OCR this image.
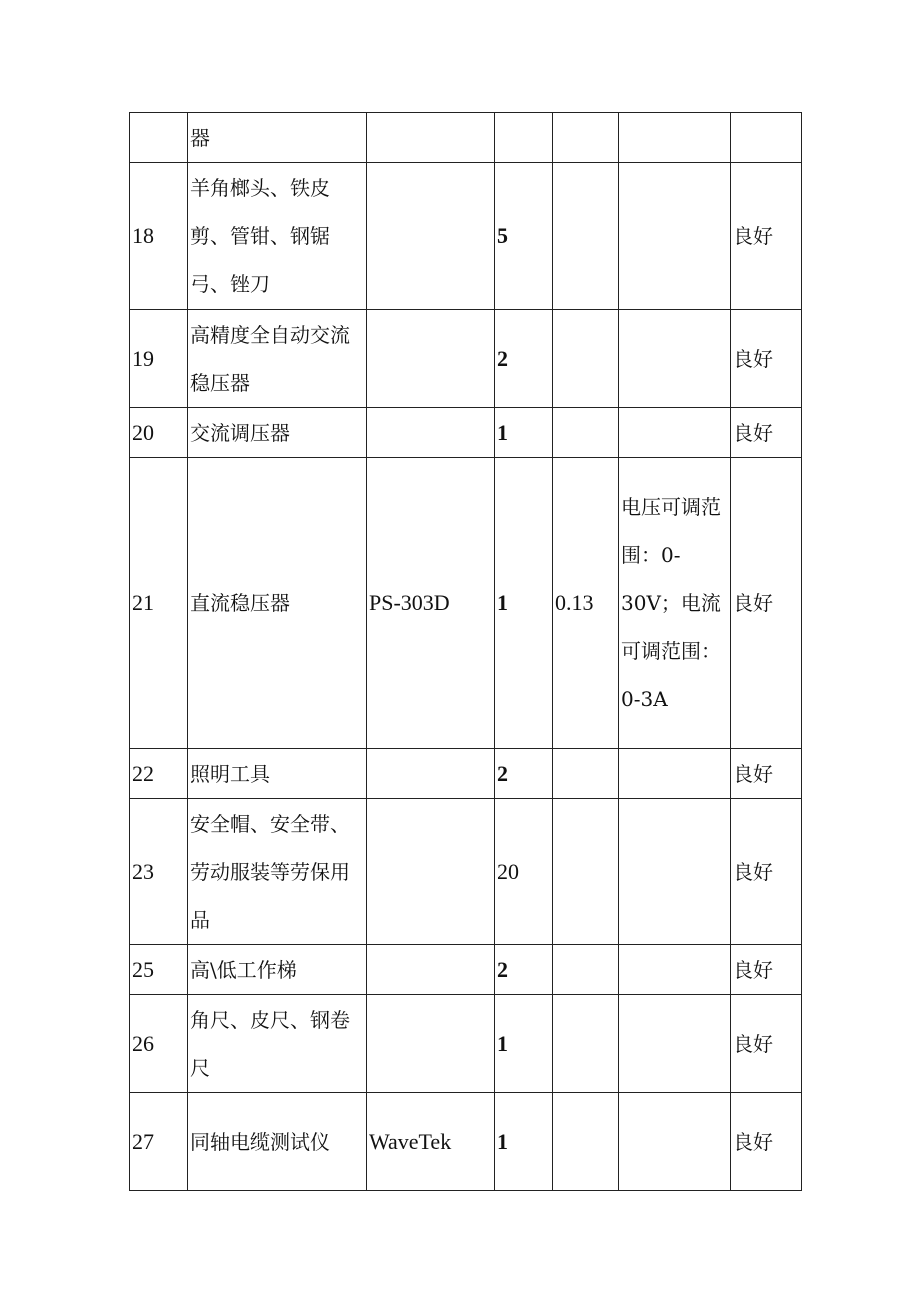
	器					
18	羊角榔头、铁皮剪、管钳、钢锯弓、锉刀		5			良好
19	高精度全自动交流稳压器		2			良好
20	交流调压器		1			良好
21	直流稳压器	PS-303D	1	0.13	电压可调范围：0-30V；电流可调范围：0-3A	良好
22	照明工具		2			良好
23	安全帽、安全带、劳动服装等劳保用品		20			良好
25	高\低工作梯		2			良好
26	角尺、皮尺、钢卷尺		1			良好
27	同轴电缆测试仪	WaveTek	1			良好
